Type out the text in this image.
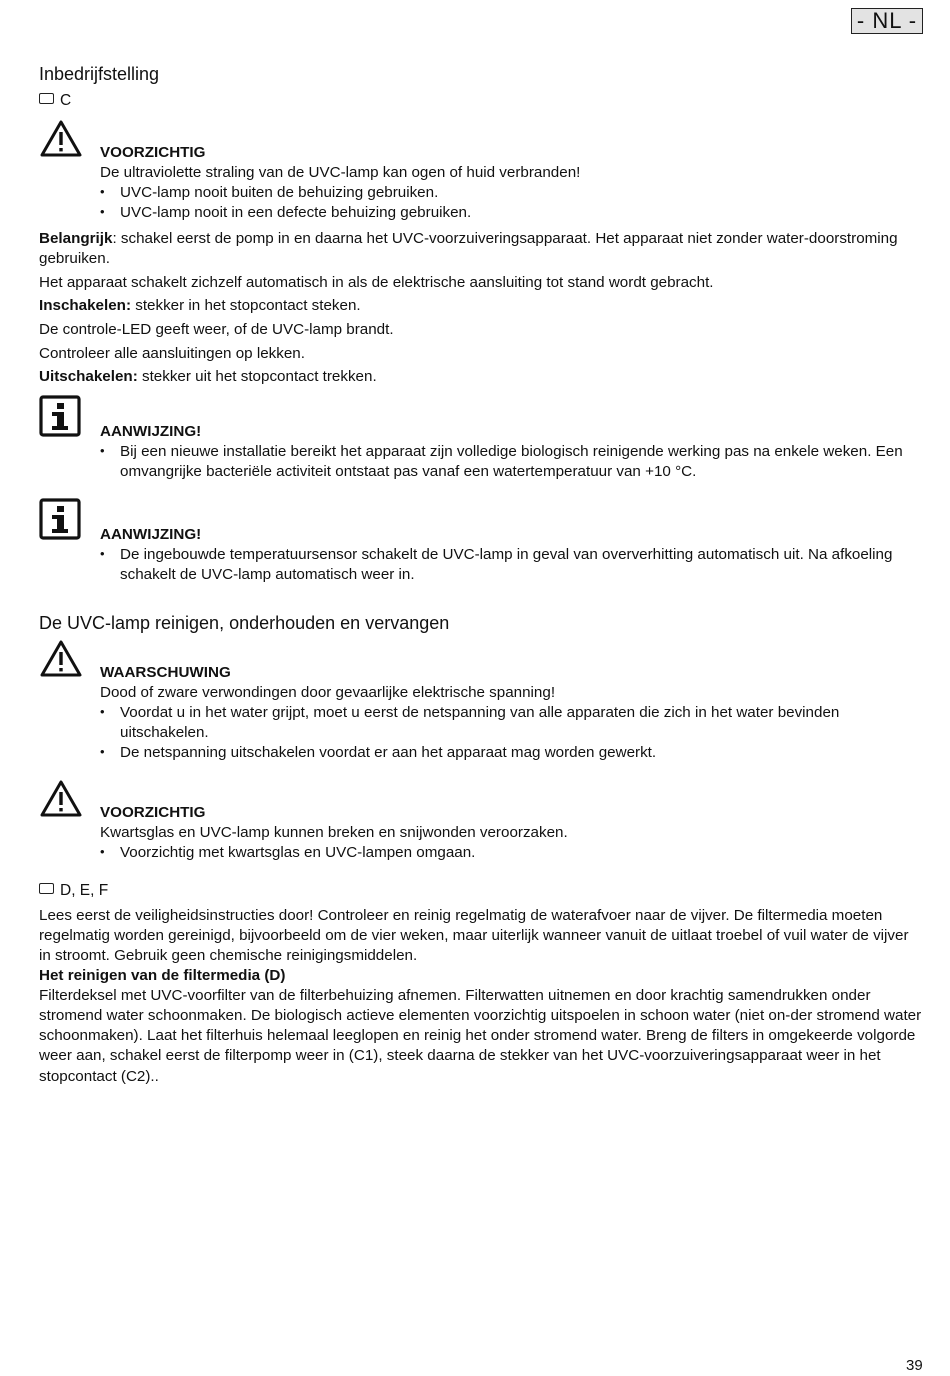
- NL -
Inbedrijfstelling
C
VOORZICHTIG
De ultraviolette straling van de UVC-lamp kan ogen of huid verbranden!
• UVC-lamp nooit buiten de behuizing gebruiken.
• UVC-lamp nooit in een defecte behuizing gebruiken.

Belangrijk: schakel eerst de pomp in en daarna het UVC-voorzuiveringsapparaat. Het apparaat niet zonder water-doorstroming gebruiken.

Het apparaat schakelt zichzelf automatisch in als de elektrische aansluiting tot stand wordt gebracht.

Inschakelen: stekker in het stopcontact steken.

De controle-LED geeft weer, of de UVC-lamp brandt.

Controleer alle aansluitingen op lekken.

Uitschakelen: stekker uit het stopcontact trekken.

AANWIJZING!
• Bij een nieuwe installatie bereikt het apparaat zijn volledige biologisch reinigende werking pas na enkele weken. Een omvangrijke bacteriële activiteit ontstaat pas vanaf een watertemperatuur van +10 °C.
AANWIJZING!
• De ingebouwde temperatuursensor schakelt de UVC-lamp in geval van oververhitting automatisch uit. Na afkoeling schakelt de UVC-lamp automatisch weer in.
De UVC-lamp reinigen, onderhouden en vervangen
WAARSCHUWING
Dood of zware verwondingen door gevaarlijke elektrische spanning!
• Voordat u in het water grijpt, moet u eerst de netspanning van alle apparaten die zich in het water bevinden uitschakelen.
• De netspanning uitschakelen voordat er aan het apparaat mag worden gewerkt.
VOORZICHTIG
Kwartsglas en UVC-lamp kunnen breken en snijwonden veroorzaken.
• Voorzichtig met kwartsglas en UVC-lampen omgaan.
D, E, F

Lees eerst de veiligheidsinstructies door! Controleer en reinig regelmatig de waterafvoer naar de vijver. De filtermedia moeten regelmatig worden gereinigd, bijvoorbeeld om de vier weken, maar uiterlijk wanneer vanuit de uitlaat troebel of vuil water de vijver in stroomt. Gebruik geen chemische reinigingsmiddelen.

Het reinigen van de filtermedia (D)

Filterdeksel met UVC-voorfilter van de filterbehuizing afnemen. Filterwatten uitnemen en door krachtig samendrukken onder stromend water schoonmaken. De biologisch actieve elementen voorzichtig uitspoelen in schoon water (niet on-der stromend water schoonmaken). Laat het filterhuis helemaal leeglopen en reinig het onder stromend water. Breng de filters in omgekeerde volgorde weer aan, schakel eerst de filterpomp weer in (C1), steek daarna de stekker van het UVC-voorzuiveringsapparaat weer in het stopcontact (C2)..

39
